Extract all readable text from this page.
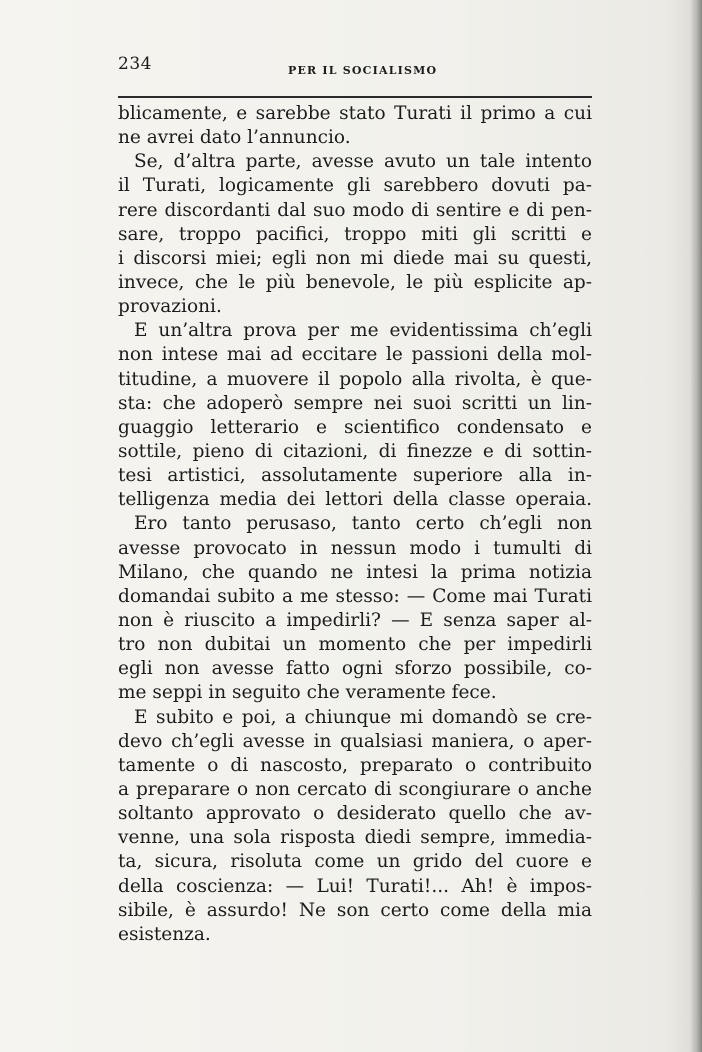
234	PER IL SOCIALISMO
blicamente, e sarebbe stato Turati il primo a cui
ne avrei dato l’annuncio.
Se, d’altra parte, avesse avuto un tale intento
il Turati, logicamente gli sarebbero dovuti pa-
rere discordanti dal suo modo di sentire e di pen-
sare, troppo pacifici, troppo miti gli scritti e
i discorsi miei; egli non mi diede mai su questi,
invece, che le più benevole, le più esplicite ap-
provazioni.
E un’altra prova per me evidentissima ch’egli
non intese mai ad eccitare le passioni della mol-
titudine, a muovere il popolo alla rivolta, è que-
sta: che adoperò sempre nei suoi scritti un lin-
guaggio letterario e scientifico condensato e
sottile, pieno di citazioni, di finezze e di sottin-
tesi artistici, assolutamente superiore alla in-
telligenza media dei lettori della classe operaia.
Ero tanto perusaso, tanto certo ch’egli non
avesse provocato in nessun modo i tumulti di
Milano, che quando ne intesi la prima notizia
domandai subito a me stesso: — Come mai Turati
non è riuscito a impedirli? — E senza saper al-
tro non dubitai un momento che per impedirli
egli non avesse fatto ogni sforzo possibile, co-
me seppi in seguito che veramente fece.
E subito e poi, a chiunque mi domandò se cre-
devo ch’egli avesse in qualsiasi maniera, o aper-
tamente o di nascosto, preparato o contribuito
a preparare o non cercato di scongiurare o anche
soltanto approvato o desiderato quello che av-
venne, una sola risposta diedi sempre, immedia-
ta, sicura, risoluta come un grido del cuore e
della coscienza: — Lui! Turati!... Ah! è impos-
sibile, è assurdo! Ne son certo come della mia
esistenza.
